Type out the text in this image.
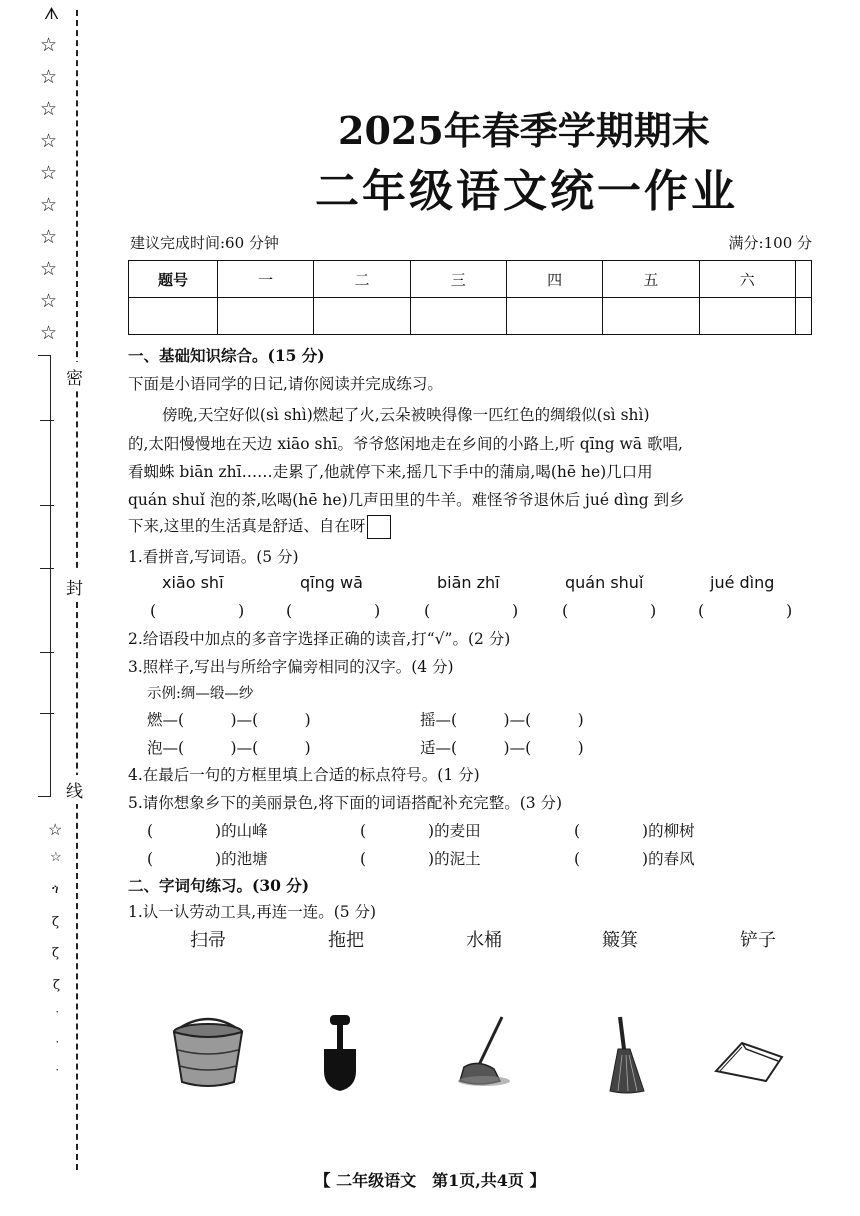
ᗑ
☆
☆
☆
☆
☆
☆
☆
☆
☆
☆
密
封
线
☆
☆
ጎ
ζ
ζ
ζ
˙
˙
˙
2025年春季学期期末
二年级语文统一作业
建议完成时间:60 分钟	满分:100 分
题号	一	二	三	四	五	六	

一、基础知识综合。(15 分)
下面是小语同学的日记,请你阅读并完成练习。
傍晚,天空好似(sì shì)燃起了火,云朵被映得像一匹红色的绸缎似(sì shì)
的,太阳慢慢地在天边 xiāo shī。爷爷悠闲地走在乡间的小路上,听 qīng wā 歌唱,
看蜘蛛 biān zhī……走累了,他就停下来,摇几下手中的蒲扇,喝(hē he)几口用
quán shuǐ 泡的茶,吆喝(hē he)几声田里的牛羊。难怪爷爷退休后 jué dìng 到乡
下来,这里的生活真是舒适、自在呀
1.看拼音,写词语。(5 分)
xiāo shī	qīng wā	biān zhī	quán shuǐ	jué dìng
(	)	(	)	(	)	(	)	(	)
2.给语段中加点的多音字选择正确的读音,打“√”。(2 分)
3.照样子,写出与所给字偏旁相同的汉字。(4 分)
示例:绸—缎—纱
燃—(　　　)—(　　　)	摇—(　　　)—(　　　)
泡—(　　　)—(　　　)	适—(　　　)—(　　　)
4.在最后一句的方框里填上合适的标点符号。(1 分)
5.请你想象乡下的美丽景色,将下面的词语搭配补充完整。(3 分)
(　　　　)的山峰	(　　　　)的麦田	(　　　　)的柳树
(　　　　)的池塘	(　　　　)的泥土	(　　　　)的春风
二、字词句练习。(30 分)
1.认一认劳动工具,再连一连。(5 分)
扫帚	拖把	水桶	簸箕	铲子
【 二年级语文　第1页,共4页 】
